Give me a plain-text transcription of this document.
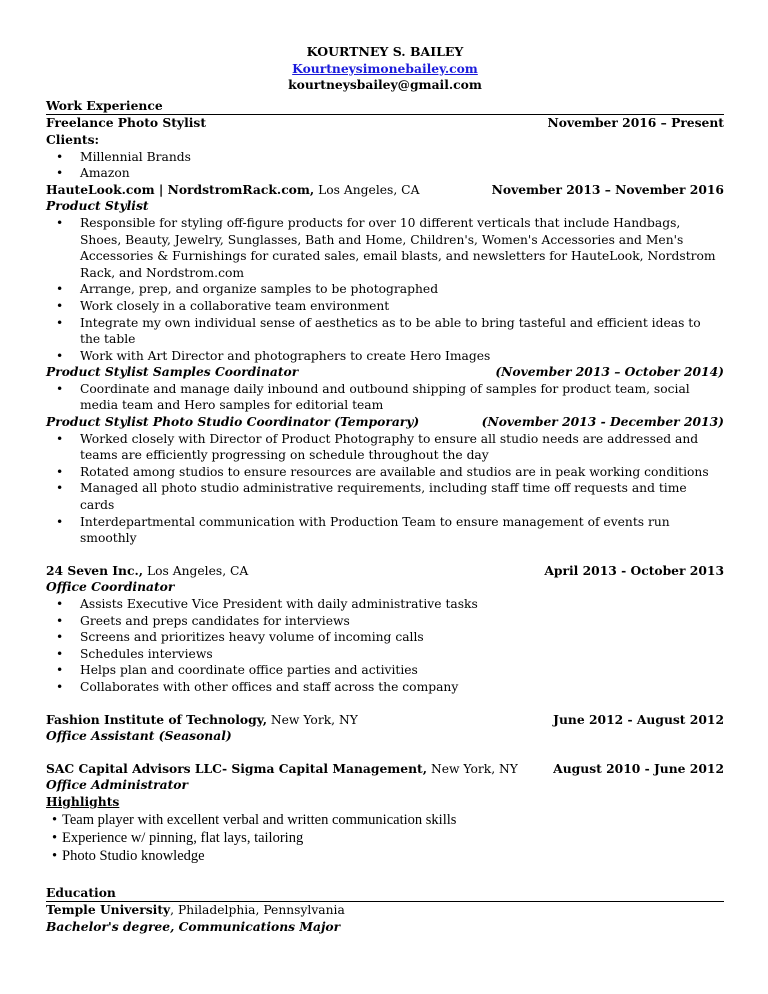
KOURTNEY S. BAILEY
Kourtneysimonebailey.com
kourtneysbailey@gmail.com
Work Experience
Freelance Photo Stylist	November 2016 – Present
Clients:
• Millennial Brands
• Amazon
HauteLook.com | NordstromRack.com, Los Angeles, CA	November 2013 – November 2016
Product Stylist
• Responsible for styling off-figure products for over 10 different verticals that include Handbags, Shoes, Beauty, Jewelry, Sunglasses, Bath and Home, Children's, Women's Accessories and Men's Accessories & Furnishings for curated sales, email blasts, and newsletters for HauteLook, Nordstrom Rack, and Nordstrom.com
• Arrange, prep, and organize samples to be photographed
• Work closely in a collaborative team environment
• Integrate my own individual sense of aesthetics as to be able to bring tasteful and efficient ideas to the table
• Work with Art Director and photographers to create Hero Images
Product Stylist Samples Coordinator	(November 2013 – October 2014)
• Coordinate and manage daily inbound and outbound shipping of samples for product team, social media team and Hero samples for editorial team
Product Stylist Photo Studio Coordinator (Temporary)	(November 2013 - December 2013)
• Worked closely with Director of Product Photography to ensure all studio needs are addressed and teams are efficiently progressing on schedule throughout the day
• Rotated among studios to ensure resources are available and studios are in peak working conditions
• Managed all photo studio administrative requirements, including staff time off requests and time cards
• Interdepartmental communication with Production Team to ensure management of events run smoothly
24 Seven Inc., Los Angeles, CA	April 2013 - October 2013
Office Coordinator
• Assists Executive Vice President with daily administrative tasks
• Greets and preps candidates for interviews
• Screens and prioritizes heavy volume of incoming calls
• Schedules interviews
• Helps plan and coordinate office parties and activities
• Collaborates with other offices and staff across the company
Fashion Institute of Technology, New York, NY	June 2012 - August 2012
Office Assistant (Seasonal)
SAC Capital Advisors LLC- Sigma Capital Management, New York, NY	August 2010 - June 2012
Office Administrator
Highlights
• Team player with excellent verbal and written communication skills
• Experience w/ pinning, flat lays, tailoring
• Photo Studio knowledge
Education
Temple University, Philadelphia, Pennsylvania
Bachelor's degree, Communications Major
